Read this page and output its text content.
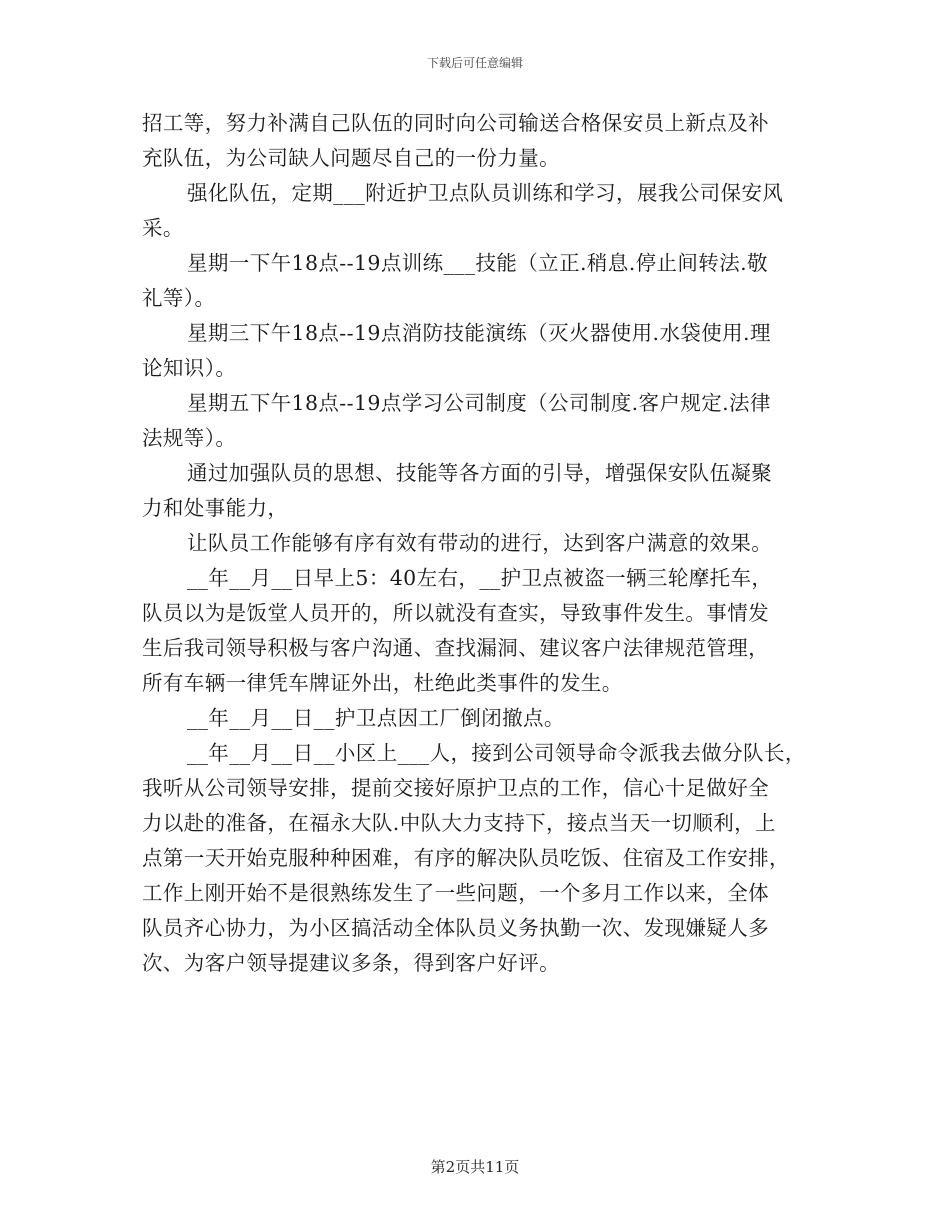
下载后可任意编辑

招工等，努力补满自己队伍的同时向公司输送合格保安员上新点及补

充队伍，为公司缺人问题尽自己的一份力量。

强化队伍，定期___附近护卫点队员训练和学习，展我公司保安风

采。

星期一下午18点--19点训练___技能（立正.稍息.停止间转法.敬

礼等）。

星期三下午18点--19点消防技能演练（灭火器使用.水袋使用.理

论知识）。

星期五下午18点--19点学习公司制度（公司制度.客户规定.法律

法规等）。

通过加强队员的思想、技能等各方面的引导，增强保安队伍凝聚

力和处事能力，

让队员工作能够有序有效有带动的进行，达到客户满意的效果。

__年__月__日早上5：40左右，__护卫点被盗一辆三轮摩托车，

队员以为是饭堂人员开的，所以就没有查实，导致事件发生。事情发

生后我司领导积极与客户沟通、查找漏洞、建议客户法律规范管理，

所有车辆一律凭车牌证外出，杜绝此类事件的发生。

__年__月__日__护卫点因工厂倒闭撤点。

__年__月__日__小区上___人，接到公司领导命令派我去做分队长，

我听从公司领导安排，提前交接好原护卫点的工作，信心十足做好全

力以赴的准备，在福永大队.中队大力支持下，接点当天一切顺利，上

点第一天开始克服种种困难，有序的解决队员吃饭、住宿及工作安排，

工作上刚开始不是很熟练发生了一些问题，一个多月工作以来，全体

队员齐心协力，为小区搞活动全体队员义务执勤一次、发现嫌疑人多

次、为客户领导提建议多条，得到客户好评。

第2页共11页
